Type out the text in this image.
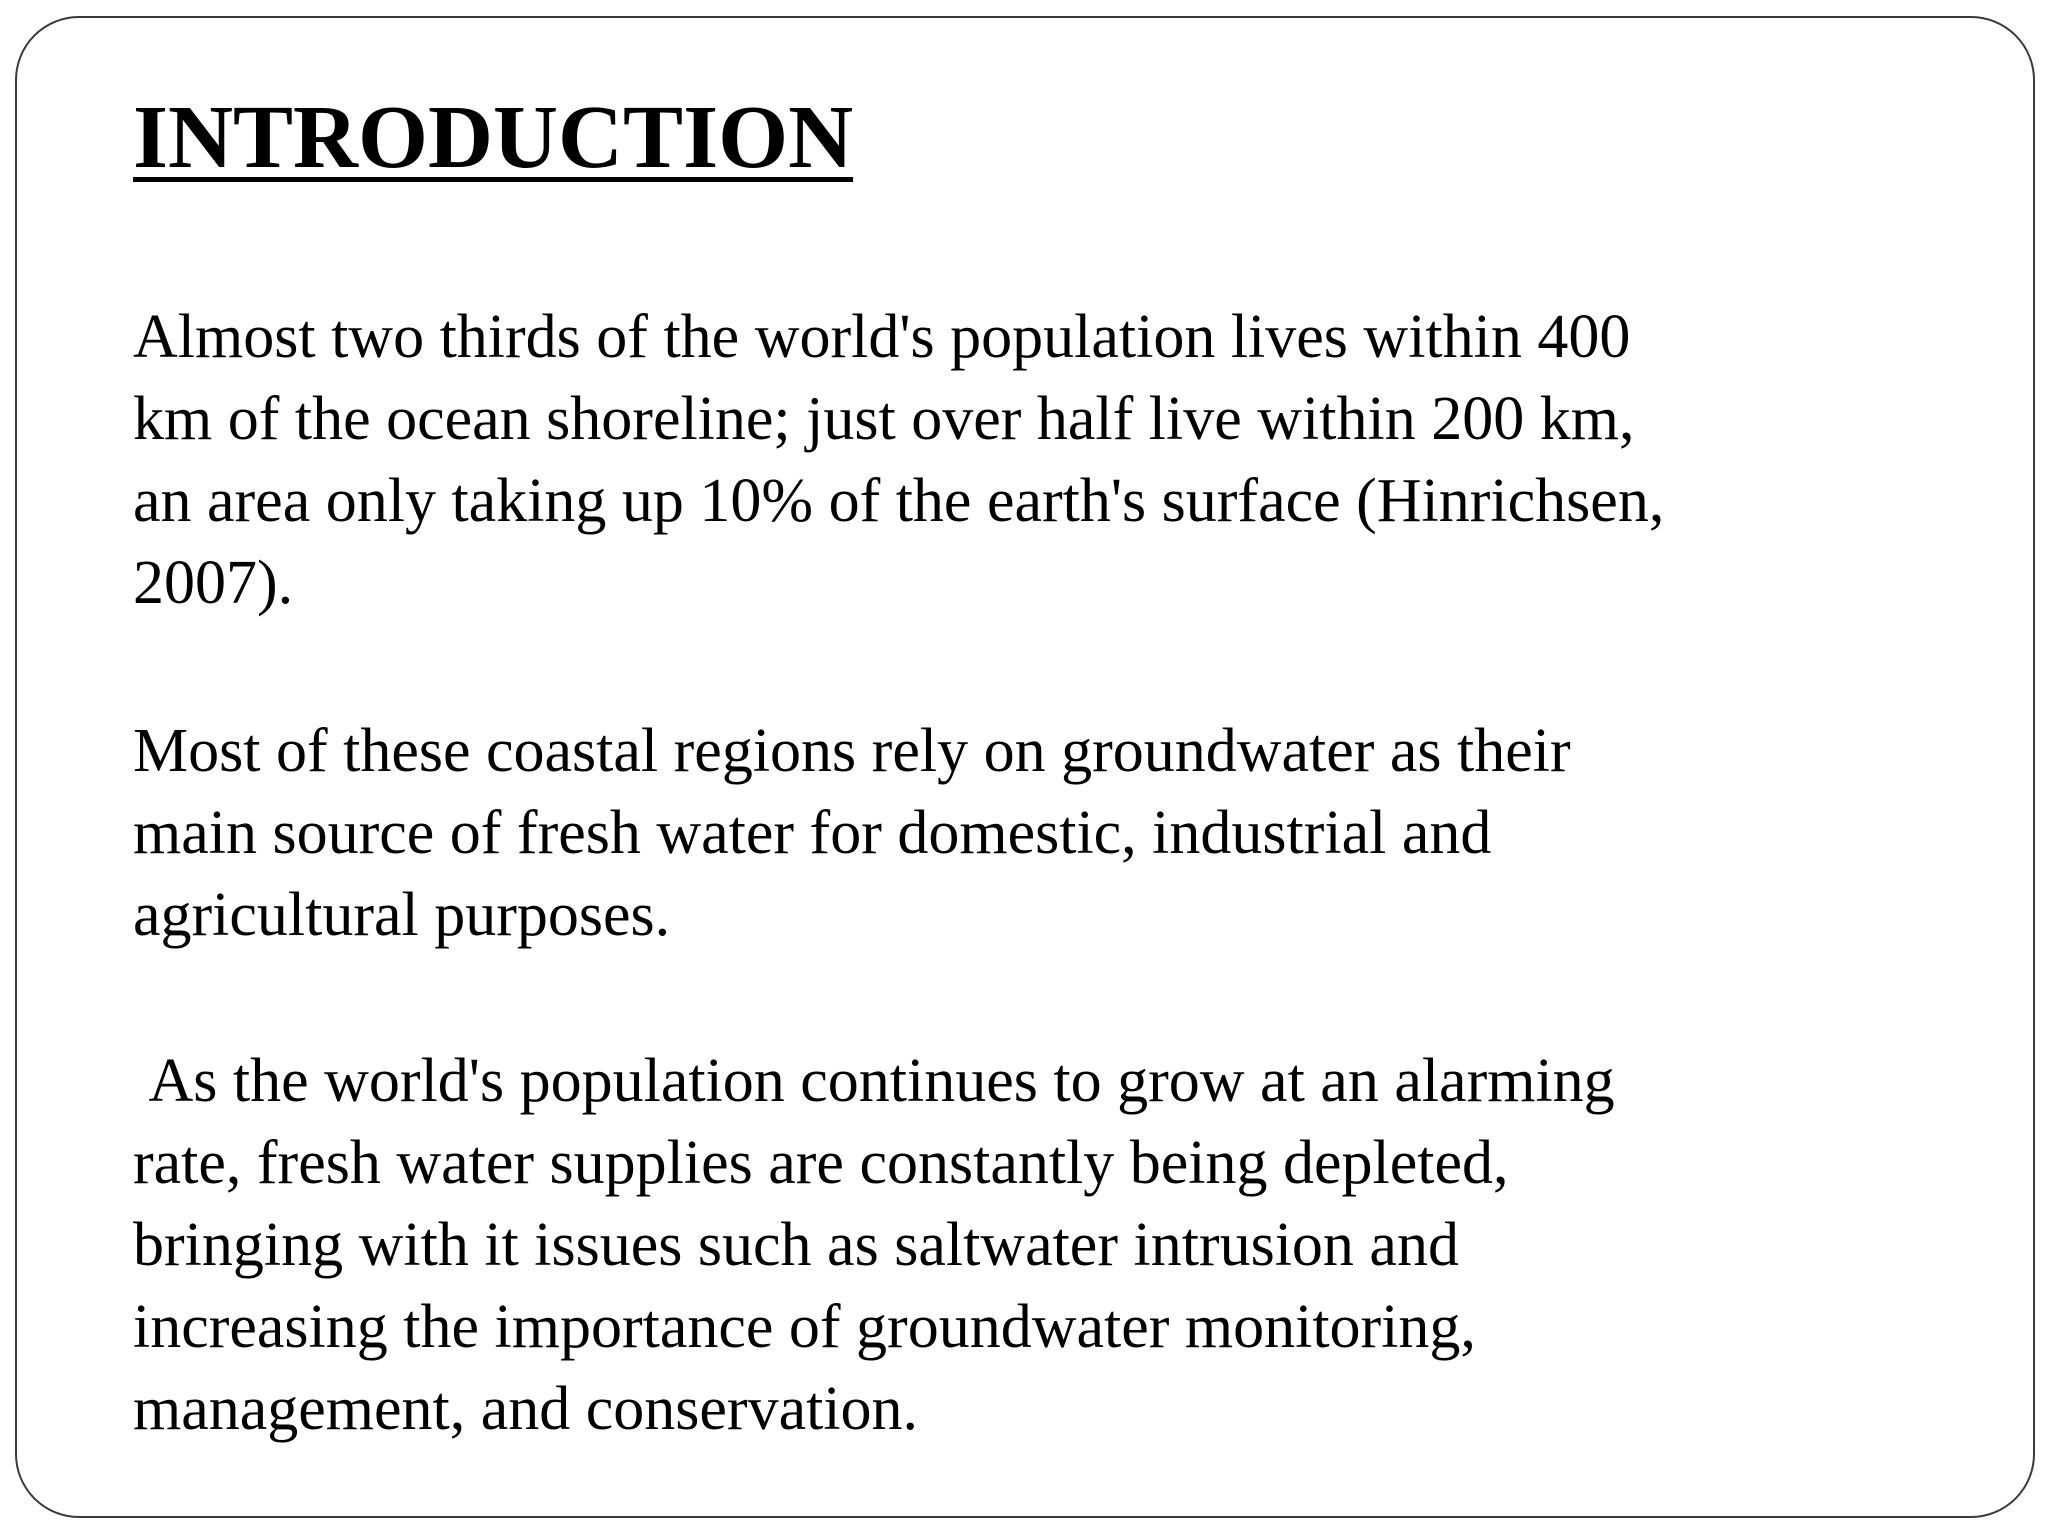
INTRODUCTION

Almost two thirds of the world's population lives within 400
km of the ocean shoreline; just over half live within 200 km,
an area only taking up 10% of the earth's surface (Hinrichsen,
2007).

Most of these coastal regions rely on groundwater as their
main source of fresh water for domestic, industrial and
agricultural purposes.

As the world's population continues to grow at an alarming
rate, fresh water supplies are constantly being depleted,
bringing with it issues such as saltwater intrusion and
increasing the importance of groundwater monitoring,
management, and conservation.
